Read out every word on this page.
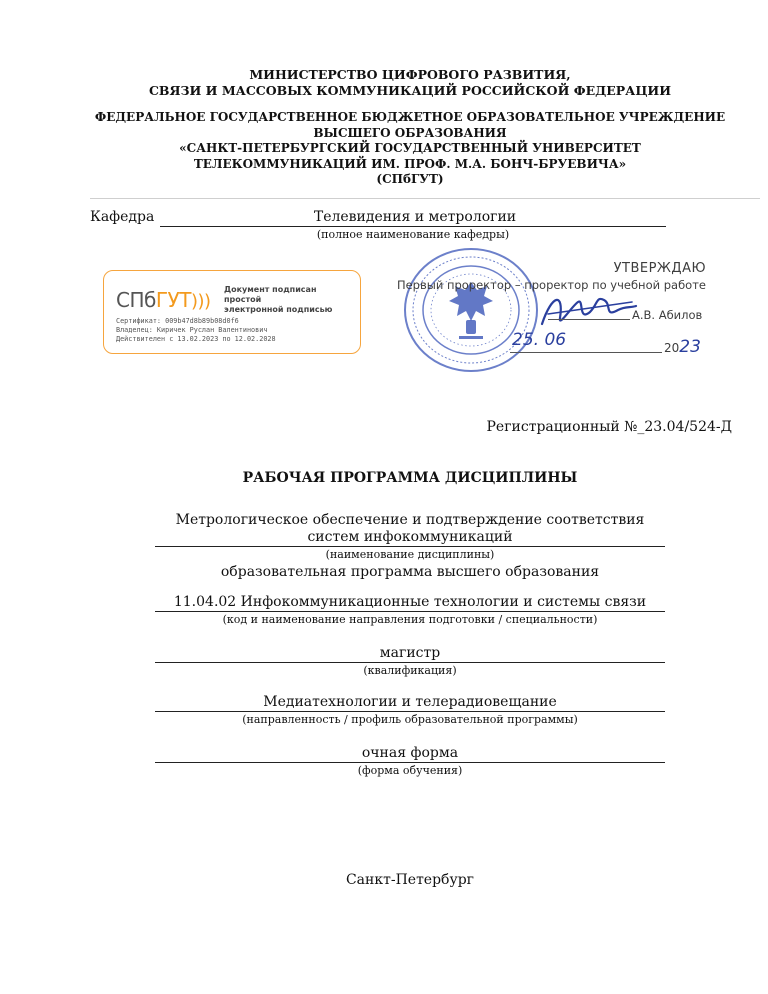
МИНИСТЕРСТВО ЦИФРОВОГО РАЗВИТИЯ,
СВЯЗИ И МАССОВЫХ КОММУНИКАЦИЙ РОССИЙСКОЙ ФЕДЕРАЦИИ
ФЕДЕРАЛЬНОЕ ГОСУДАРСТВЕННОЕ БЮДЖЕТНОЕ ОБРАЗОВАТЕЛЬНОЕ УЧРЕЖДЕНИЕ
ВЫСШЕГО ОБРАЗОВАНИЯ
«САНКТ-ПЕТЕРБУРГСКИЙ ГОСУДАРСТВЕННЫЙ УНИВЕРСИТЕТ
ТЕЛЕКОММУНИКАЦИЙ ИМ. ПРОФ. М.А. БОНЧ-БРУЕВИЧА»
(СПбГУТ)
Кафедра	Телевидения и метрологии
(полное наименование кафедры)
СПбГУТ)))
Документ подписан простой
электронной подписью
Сертификат: 009b47d8b89b08d0f6
Владелец: Киричек Руслан Валентинович
Действителен с 13.02.2023 по 12.02.2028
УТВЕРЖДАЮ
Первый проректор – проректор по учебной работе
А.В. Абилов
25. 06	2023
Регистрационный №_23.04/524-Д
РАБОЧАЯ ПРОГРАММА ДИСЦИПЛИНЫ
Метрологическое обеспечение и подтверждение соответствия
систем инфокоммуникаций
(наименование дисциплины)
образовательная программа высшего образования
11.04.02 Инфокоммуникационные технологии и системы связи
(код и наименование направления подготовки / специальности)
магистр
(квалификация)
Медиатехнологии и телерадиовещание
(направленность / профиль образовательной программы)
очная форма
(форма обучения)
Санкт-Петербург
